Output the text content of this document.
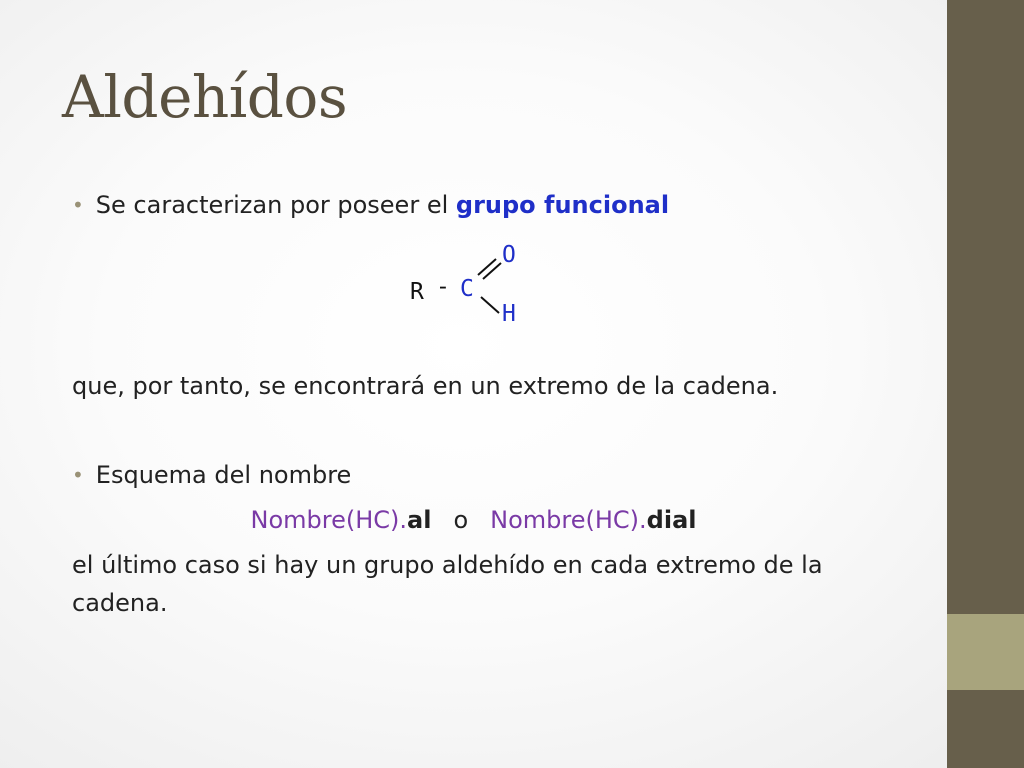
Aldehídos
• Se caracterizan por poseer el grupo funcional
R - C
O
H
que, por tanto, se encontrará en un extremo de la cadena.
• Esquema del nombre
Nombre(HC).al o Nombre(HC).dial
el último caso si hay un grupo aldehído en cada extremo de la
cadena.
